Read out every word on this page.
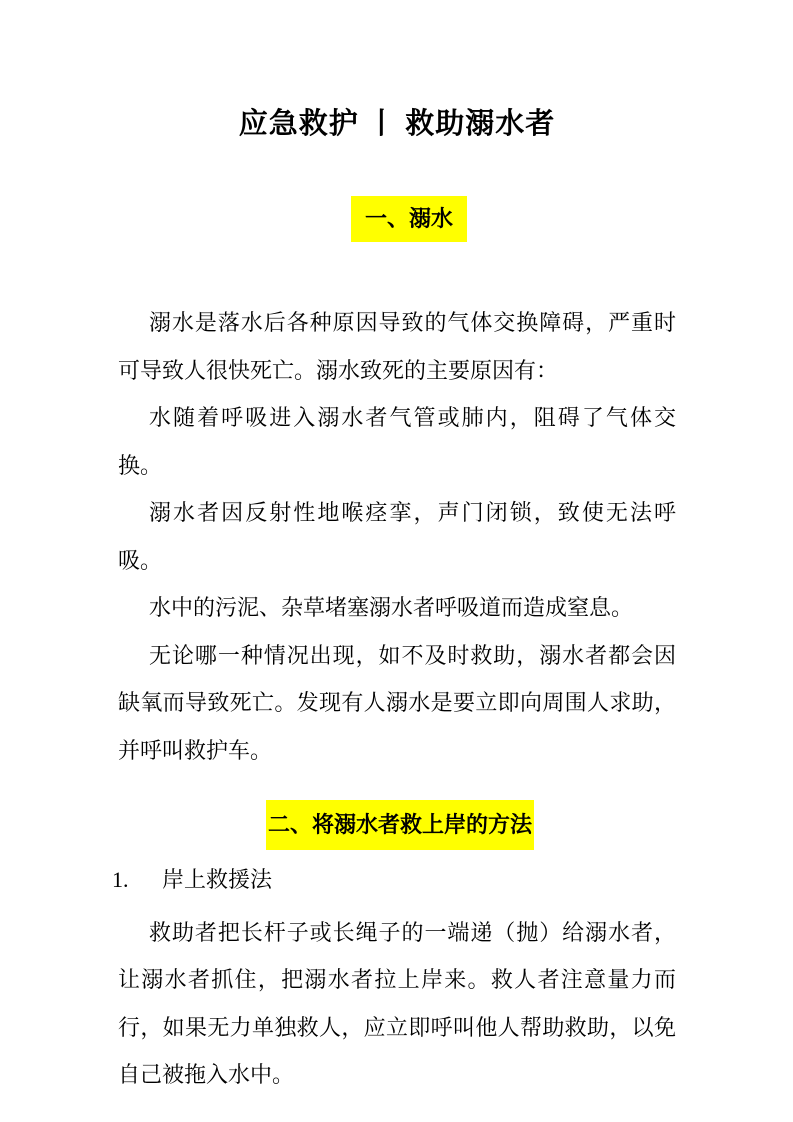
应急救护 丨 救助溺水者
一、溺水

溺水是落水后各种原因导致的气体交换障碍，严重时可导致人很快死亡。溺水致死的主要原因有：

水随着呼吸进入溺水者气管或肺内，阻碍了气体交换。

溺水者因反射性地喉痉挛，声门闭锁，致使无法呼吸。

水中的污泥、杂草堵塞溺水者呼吸道而造成窒息。

无论哪一种情况出现，如不及时救助，溺水者都会因缺氧而导致死亡。发现有人溺水是要立即向周围人求助，并呼叫救护车。

二、将溺水者救上岸的方法
1. 岸上救援法

救助者把长杆子或长绳子的一端递（抛）给溺水者，让溺水者抓住，把溺水者拉上岸来。救人者注意量力而行，如果无力单独救人，应立即呼叫他人帮助救助，以免自己被拖入水中。
